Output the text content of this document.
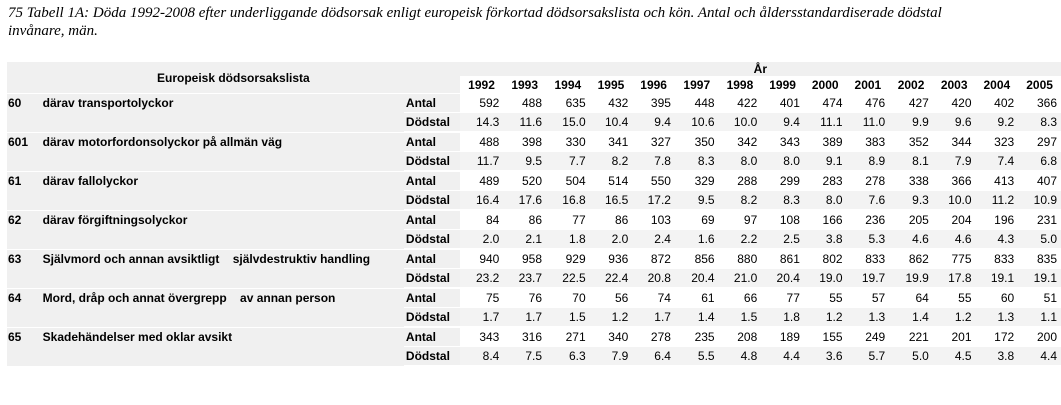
75 Tabell 1A: Döda 1992-2008 efter underliggande dödsorsak enligt europeisk förkortad dödsorsakslista och kön. Antal och åldersstandardiserade dödstal
invånare, män.
Europeisk dödsorsakslista			År													
			1992	1993	1994	1995	1996	1997	1998	1999	2000	2001	2002	2003	2004	2005
60	därav transportolyckor	Antal	592	488	635	432	395	448	422	401	474	476	427	420	402	366
		Dödstal	14.3	11.6	15.0	10.4	9.4	10.6	10.0	9.4	11.1	11.0	9.9	9.6	9.2	8.3
601	därav motorfordonsolyckor på allmän väg	Antal	488	398	330	341	327	350	342	343	389	383	352	344	323	297
		Dödstal	11.7	9.5	7.7	8.2	7.8	8.3	8.0	8.0	9.1	8.9	8.1	7.9	7.4	6.8
61	därav fallolyckor	Antal	489	520	504	514	550	329	288	299	283	278	338	366	413	407
		Dödstal	16.4	17.6	16.8	16.5	17.2	9.5	8.2	8.3	8.0	7.6	9.3	10.0	11.2	10.9
62	därav förgiftningsolyckor	Antal	84	86	77	86	103	69	97	108	166	236	205	204	196	231
		Dödstal	2.0	2.1	1.8	2.0	2.4	1.6	2.2	2.5	3.8	5.3	4.6	4.6	4.3	5.0
63	Självmord och annan avsiktligt    självdestruktiv handling	Antal	940	958	929	936	872	856	880	861	802	833	862	775	833	835
		Dödstal	23.2	23.7	22.5	22.4	20.8	20.4	21.0	20.4	19.0	19.7	19.9	17.8	19.1	19.1
64	Mord, dråp och annat övergrepp    av annan person	Antal	75	76	70	56	74	61	66	77	55	57	64	55	60	51
		Dödstal	1.7	1.7	1.5	1.2	1.7	1.4	1.5	1.8	1.2	1.3	1.4	1.2	1.3	1.1
65	Skadehändelser med oklar avsikt	Antal	343	316	271	340	278	235	208	189	155	249	221	201	172	200
		Dödstal	8.4	7.5	6.3	7.9	6.4	5.5	4.8	4.4	3.6	5.7	5.0	4.5	3.8	4.4
